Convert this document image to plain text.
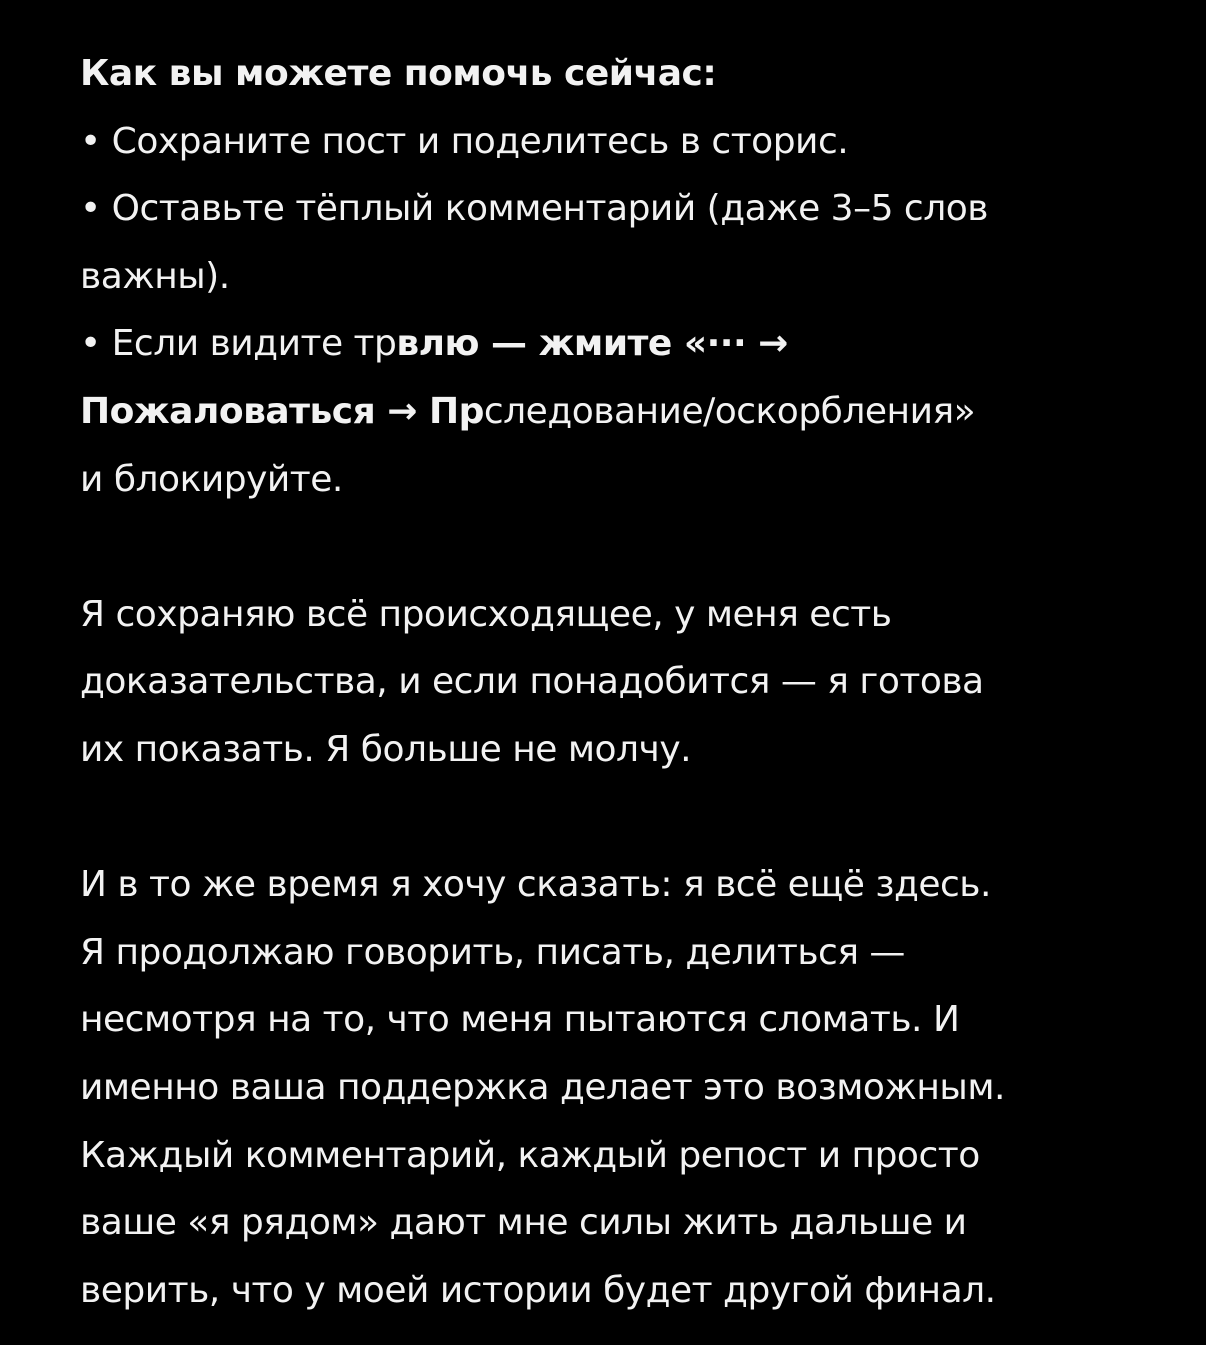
Как вы можете помочь сейчас:
• Сохраните пост и поделитесь в сторис.
• Оставьте тёплый комментарий (даже 3–5 слов
важны).
• Если видите трвлю — жмите «··· →
Пожаловаться → Прследование/оскорбления»
и блокируйте.
Я сохраняю всё происходящее, у меня есть
доказательства, и если понадобится — я готова
их показать. Я больше не молчу.
И в то же время я хочу сказать: я всё ещё здесь.
Я продолжаю говорить, писать, делиться —
несмотря на то, что меня пытаются сломать. И
именно ваша поддержка делает это возможным.
Каждый комментарий, каждый репост и просто
ваше «я рядом» дают мне силы жить дальше и
верить, что у моей истории будет другой финал.
